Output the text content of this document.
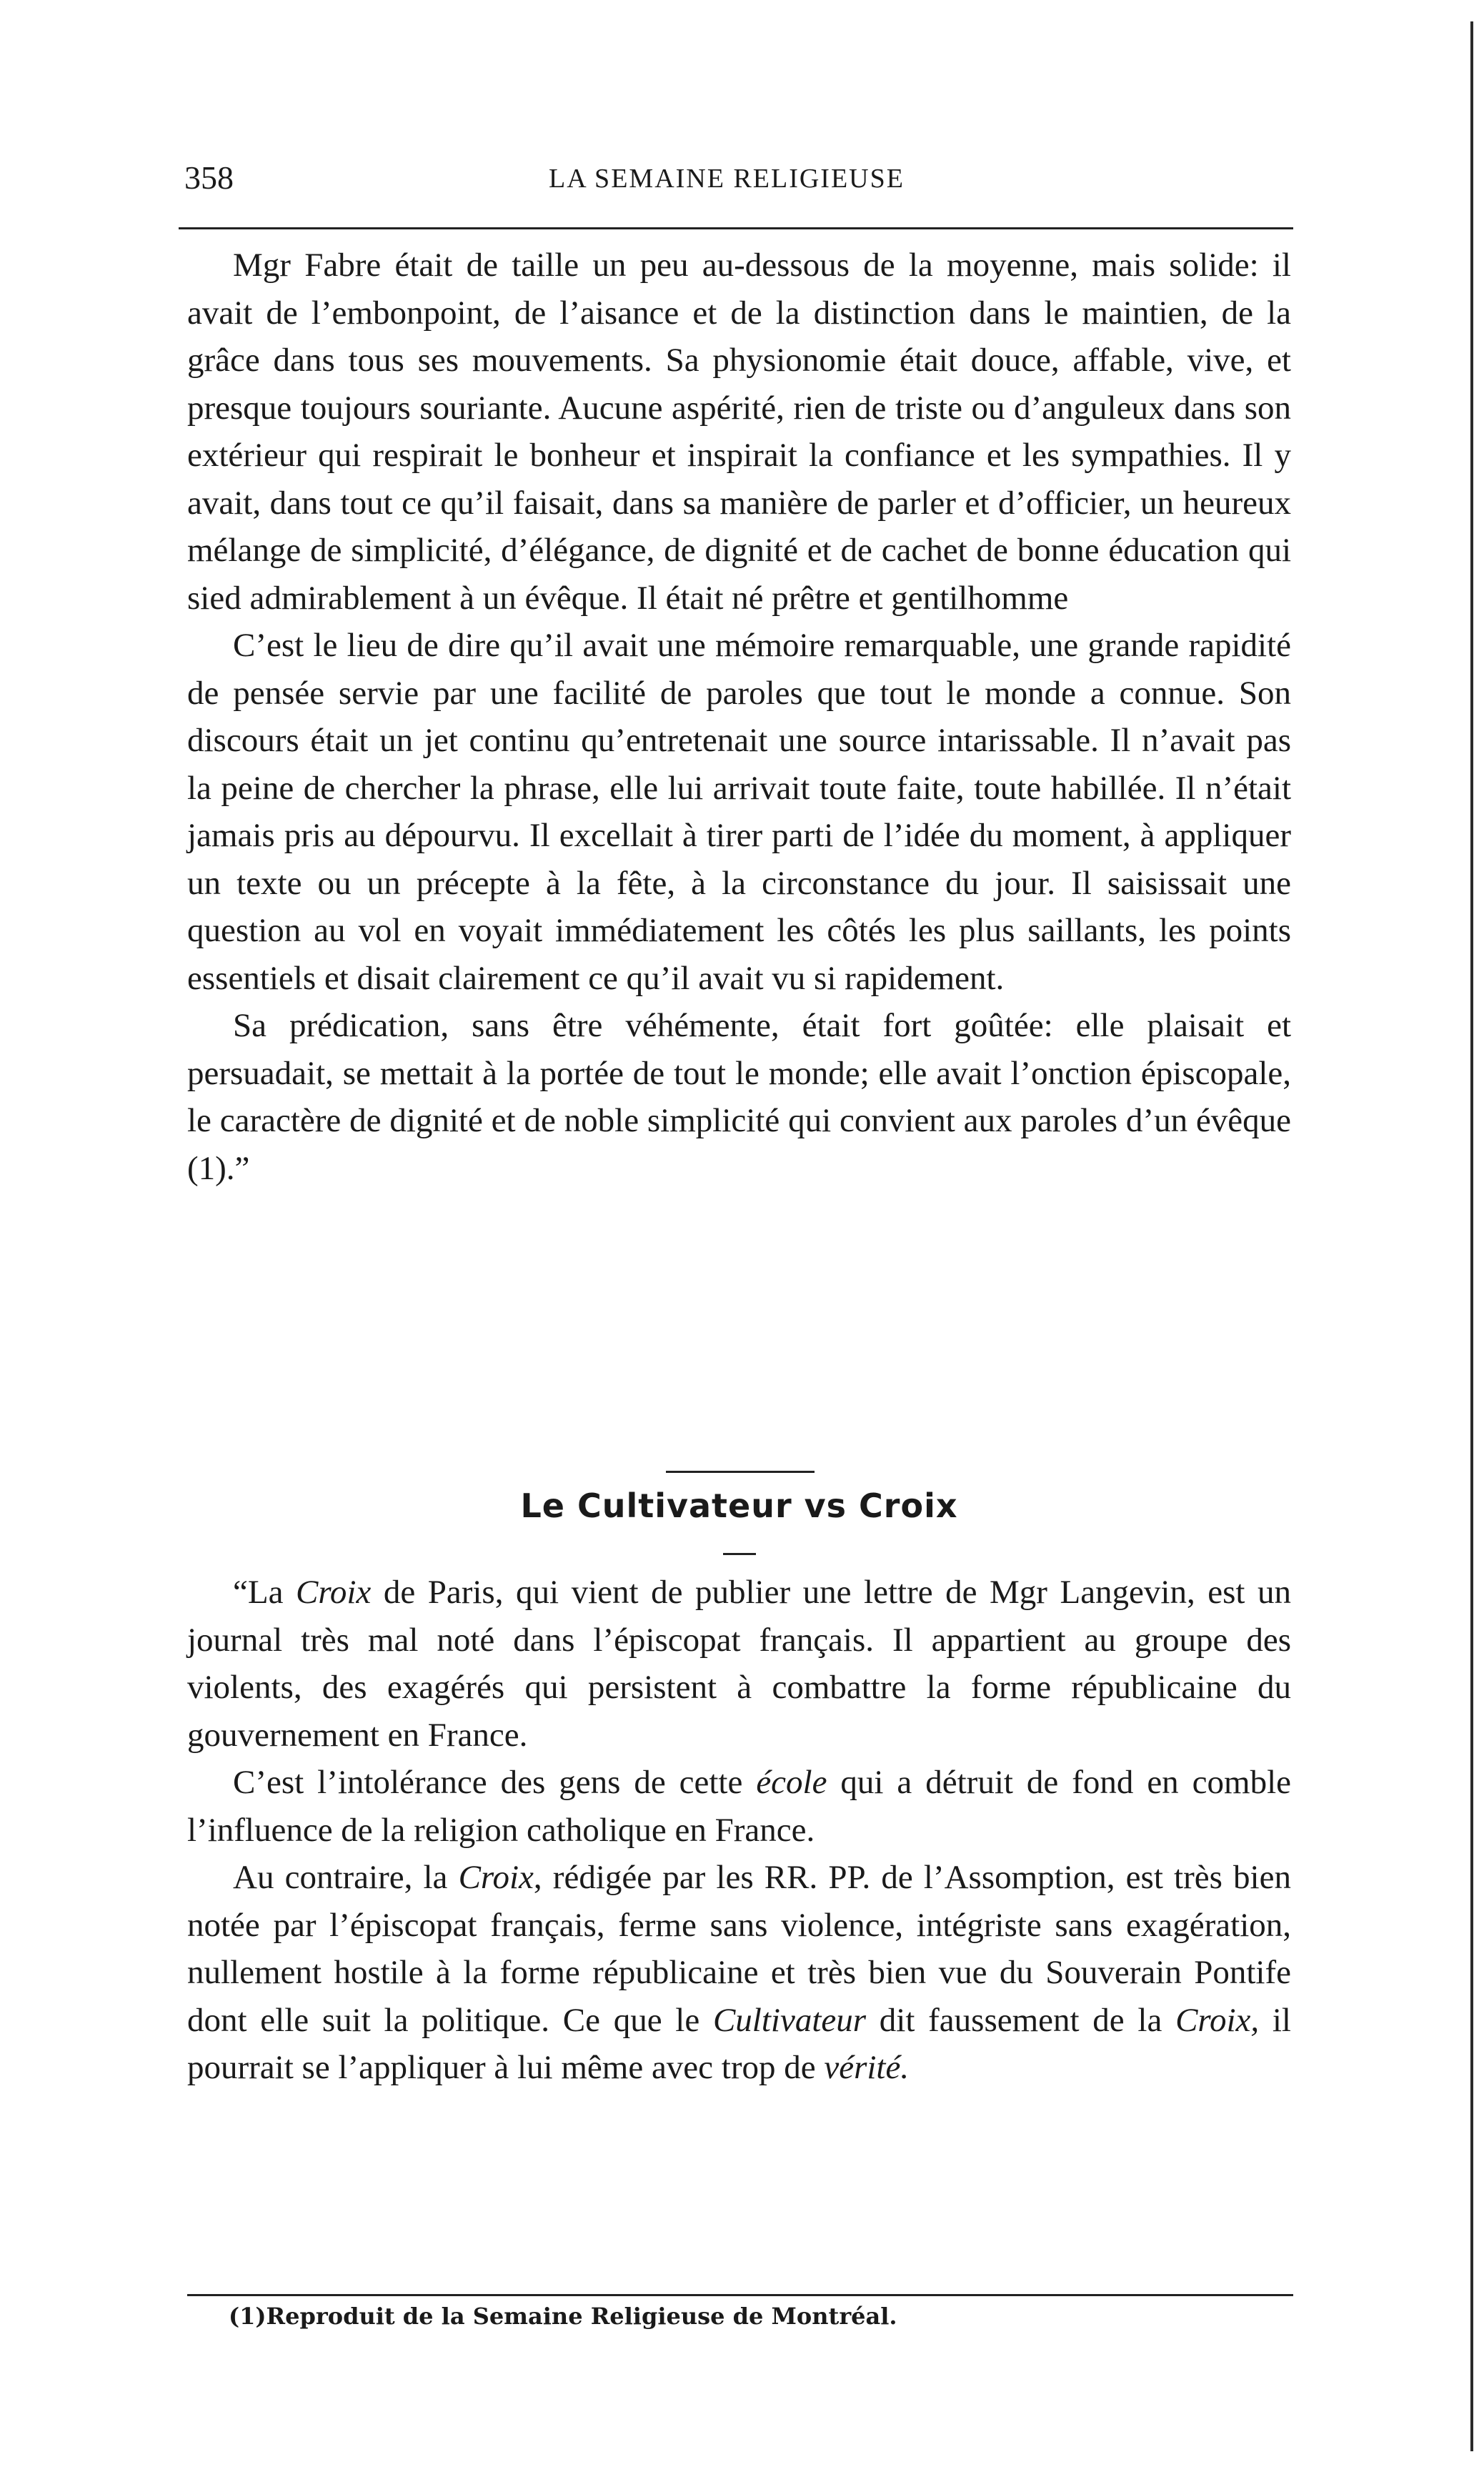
358	LA SEMAINE RELIGIEUSE

Mgr Fabre était de taille un peu au-dessous de la moyenne, mais solide: il avait de l’embonpoint, de l’aisance et de la distinction dans le maintien, de la grâce dans tous ses mouvements. Sa physionomie était douce, affable, vive, et presque toujours souriante. Aucune aspérité, rien de triste ou d’anguleux dans son extérieur qui respirait le bonheur et inspirait la confiance et les sympathies. Il y avait, dans tout ce qu’il faisait, dans sa manière de parler et d’officier, un heureux mélange de simplicité, d’élégance, de dignité et de cachet de bonne éducation qui sied admirablement à un évêque. Il était né prêtre et gentilhomme

C’est le lieu de dire qu’il avait une mémoire remarquable, une grande rapidité de pensée servie par une facilité de paroles que tout le monde a connue. Son discours était un jet continu qu’entretenait une source intarissable. Il n’avait pas la peine de chercher la phrase, elle lui arrivait toute faite, toute habillée. Il n’était jamais pris au dépourvu. Il excellait à tirer parti de l’idée du moment, à appliquer un texte ou un précepte à la fête, à la circonstance du jour. Il saisissait une question au vol en voyait immédiatement les côtés les plus saillants, les points essentiels et disait clairement ce qu’il avait vu si rapidement.

Sa prédication, sans être véhémente, était fort goûtée: elle plaisait et persuadait, se mettait à la portée de tout le monde; elle avait l’onction épiscopale, le caractère de dignité et de noble simplicité qui convient aux paroles d’un évêque (1).”

Le Cultivateur vs Croix

“La Croix de Paris, qui vient de publier une lettre de Mgr Langevin, est un journal très mal noté dans l’épiscopat français. Il appartient au groupe des violents, des exagérés qui persistent à combattre la forme républicaine du gouvernement en France.

C’est l’intolérance des gens de cette école qui a détruit de fond en comble l’influence de la religion catholique en France.

Au contraire, la Croix, rédigée par les RR. PP. de l’Assomption, est très bien notée par l’épiscopat français, ferme sans violence, intégriste sans exagération, nullement hostile à la forme républicaine et très bien vue du Souverain Pontife dont elle suit la politique. Ce que le Cultivateur dit faussement de la Croix, il pourrait se l’appliquer à lui même avec trop de vérité.

(1)Reproduit de la Semaine Religieuse de Montréal.
